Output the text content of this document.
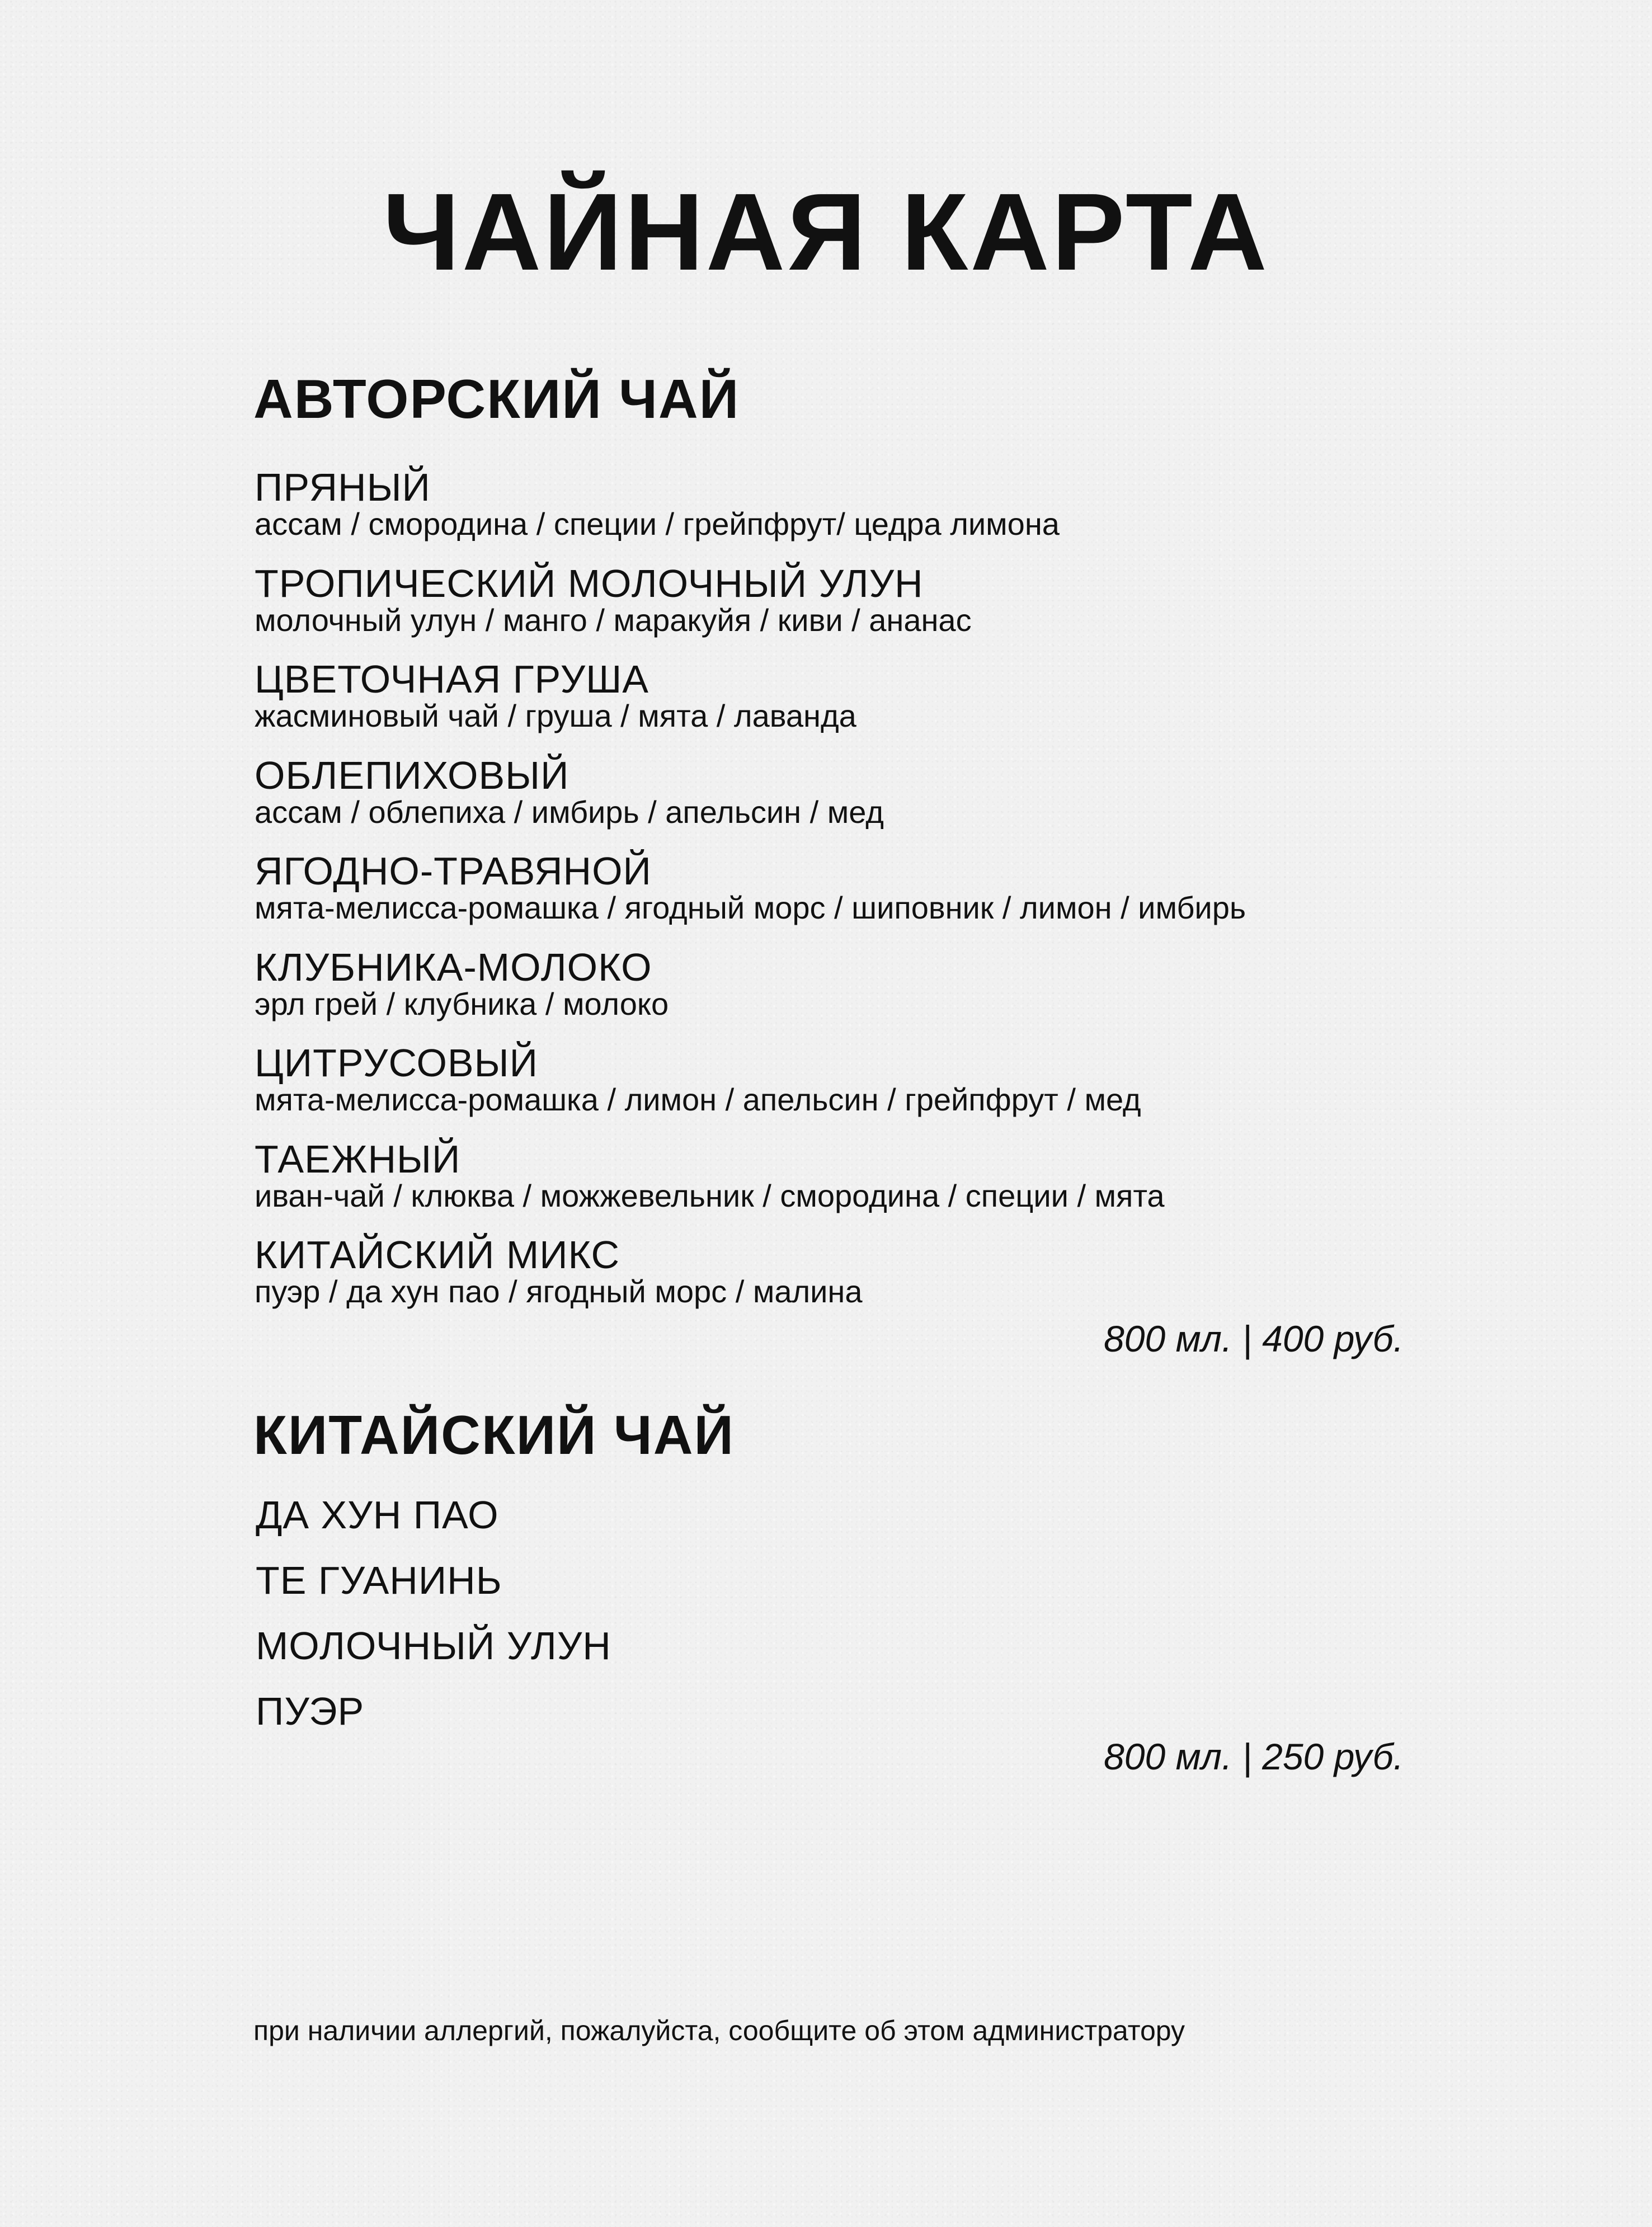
ЧАЙНАЯ КАРТА
АВТОРСКИЙ ЧАЙ
ПРЯНЫЙ
ассам / смородина / специи / грейпфрут/ цедра лимона
ТРОПИЧЕСКИЙ МОЛОЧНЫЙ УЛУН
молочный улун / манго / маракуйя / киви / ананас
ЦВЕТОЧНАЯ ГРУША
жасминовый чай / груша / мята / лаванда
ОБЛЕПИХОВЫЙ
ассам / облепиха / имбирь / апельсин / мед
ЯГОДНО-ТРАВЯНОЙ
мята-мелисса-ромашка / ягодный морс / шиповник / лимон / имбирь
КЛУБНИКА-МОЛОКО
эрл грей / клубника / молоко
ЦИТРУСОВЫЙ
мята-мелисса-ромашка / лимон / апельсин / грейпфрут / мед
ТАЕЖНЫЙ
иван-чай / клюква / можжевельник / смородина / специи / мята
КИТАЙСКИЙ МИКС
пуэр / да хун пао / ягодный морс / малина
800 мл. | 400 руб.
КИТАЙСКИЙ ЧАЙ
ДА ХУН ПАО
ТЕ ГУАНИНЬ
МОЛОЧНЫЙ УЛУН
ПУЭР
800 мл. | 250 руб.
при наличии аллергий, пожалуйста, сообщите об этом администратору
